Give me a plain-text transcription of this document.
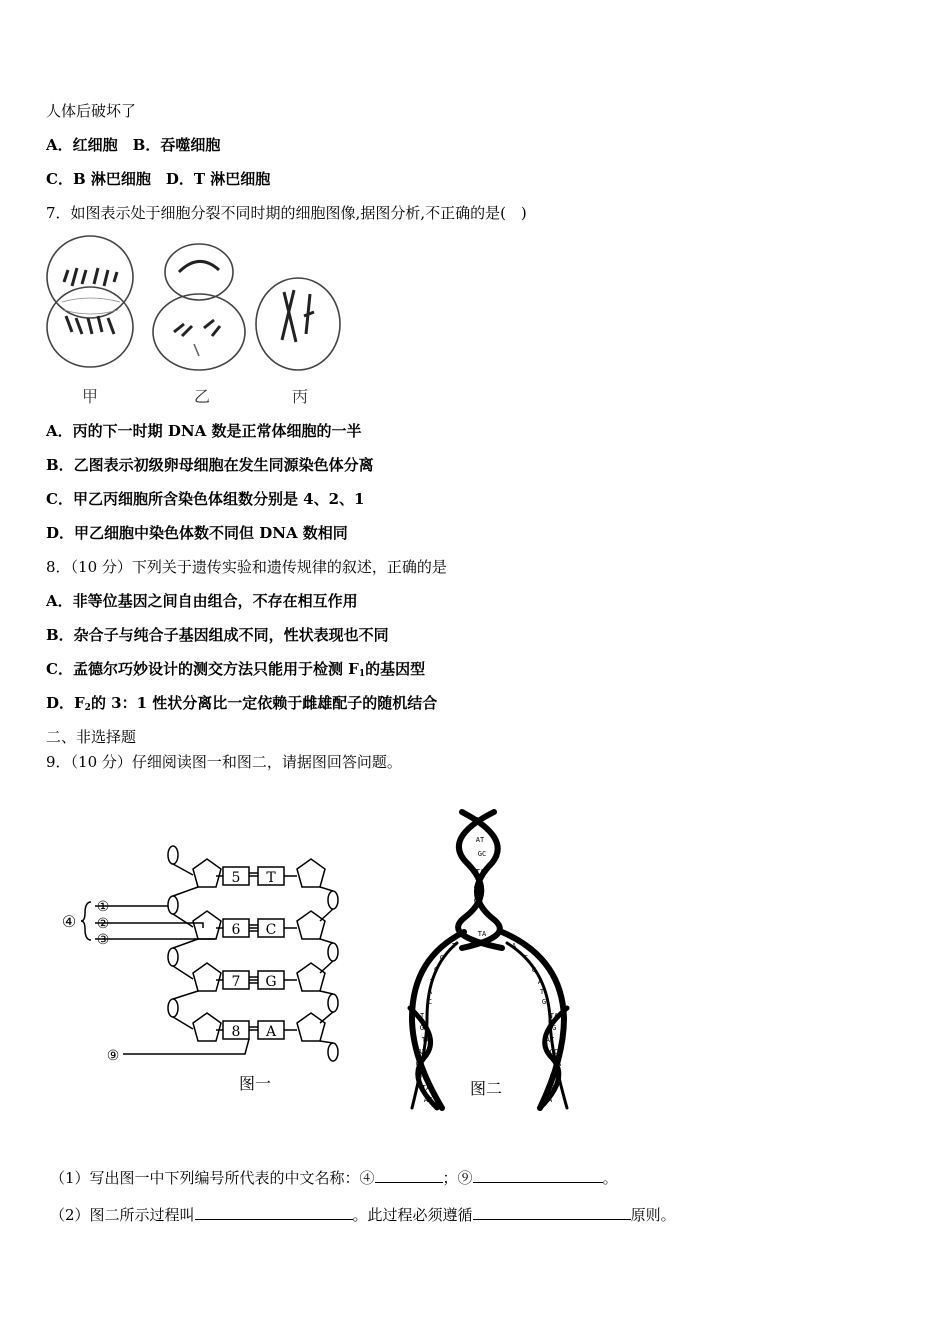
人体后破坏了
A．红细胞　B．吞噬细胞
C．B 淋巴细胞　D．T 淋巴细胞
7．如图表示处于细胞分裂不同时期的细胞图像,据图分析,不正确的是(　)
甲	乙	丙
A．丙的下一时期 DNA 数是正常体细胞的一半
B．乙图表示初级卵母细胞在发生同源染色体分离
C．甲乙丙细胞所含染色体组数分别是 4、2、1
D．甲乙细胞中染色体数不同但 DNA 数相同
8．（10 分）下列关于遗传实验和遗传规律的叙述，正确的是
A．非等位基因之间自由组合，不存在相互作用
B．杂合子与纯合子基因组成不同，性状表现也不同
C．孟德尔巧妙设计的测交方法只能用于检测 $F_1$的基因型
D．$F_2$的 3：1 性状分离比一定依赖于雌雄配子的随机结合
二、非选择题
9．（10 分）仔细阅读图一和图二，请据图回答问题。
5
6
7
8
T
C
G
A
④
①
②
③
⑨
图一
TA
AT
GC
TA
AT
CG
TA
T
G
C
T
A
C
A
C
G
A
T
G
AT
GC
TA
AT
CG
GC
TA
AT
TA
CG
AT
GC
TA
CG
AT
TA
图二
（1）写出图一中下列编号所代表的中文名称：④	；⑨	。
（2）图二所示过程叫	。此过程必须遵循	原则。
